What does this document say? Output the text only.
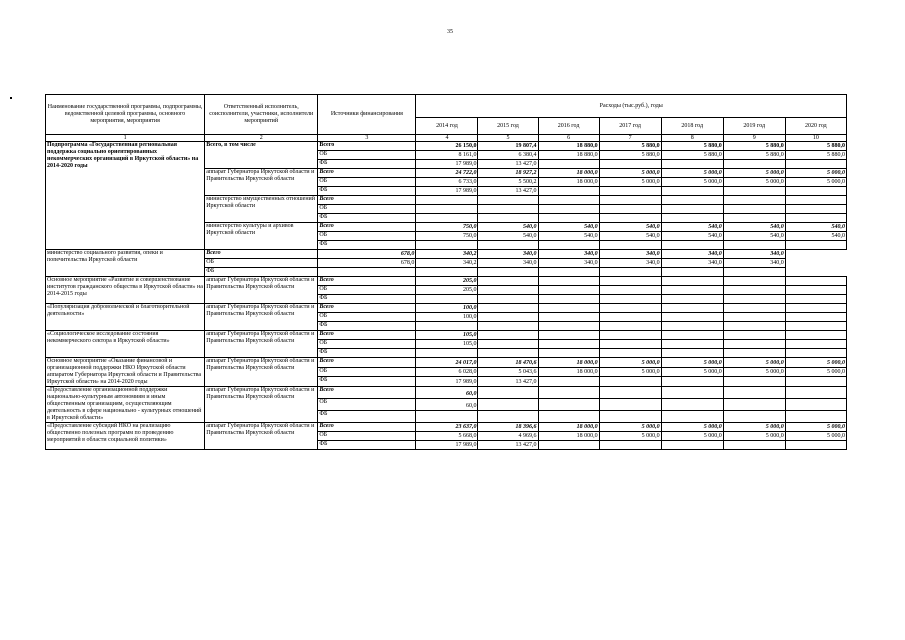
35
Наименование государственной программы, подпрограммы, ведомственной целевой программы, основного мероприятия, мероприятия	Ответственный исполнитель, соисполнители, участники, исполнители мероприятий	Источники финансирования	Расходы (тыс.руб.), годы						
			2014 год	2015 год	2016 год	2017 год	2018 год	2019 год	2020 год
1	2	3	4	5	6	7	8	9	10
Подпрограмма «Государственная региональная поддержка социально ориентированных некоммерческих организаций в Иркутской области» на 2014-2020 годы	Всего, в том числе	Всего	26 150,0	19 807,4	18 880,0	5 880,0	5 880,0	5 880,0	5 880,0
		ОБ	8 161,0	6 380,4	18 880,0	5 880,0	5 880,0	5 880,0	5 880,0
		ФБ	17 989,0	13 427,0					
	аппарат Губернатора Иркутской области и Правительства Иркутской области	Всего	24 722,0	18 927,2	18 000,0	5 000,0	5 000,0	5 000,0	5 000,0
		ОБ	6 733,0	5 500,2	18 000,0	5 000,0	5 000,0	5 000,0	5 000,0
		ФБ	17 989,0	13 427,0					
	министерство имущественных отношений Иркутской области	Всего							
		ОБ							
		ФБ							
	министерство культуры и архивов Иркутской области	Всего	750,0	540,0	540,0	540,0	540,0	540,0	540,0
		ОБ	750,0	540,0	540,0	540,0	540,0	540,0	540,0
		ФБ							
министерство социального развития, опеки и попечительства Иркутской области	Всего	678,0	340,2	340,0	340,0	340,0	340,0	340,0	
	ОБ	678,0	340,2	340,0	340,0	340,0	340,0	340,0	
	ФБ								
Основное мероприятие «Развитие и совершенствование институтов гражданского общества в Иркутской области» на 2014-2015 годы	аппарат Губернатора Иркутской области и Правительства Иркутской области	Всего	205,0						
		ОБ	205,0						
		ФБ							
«Популяризация добровольческой и благотворительной деятельности»	аппарат Губернатора Иркутской области и Правительства Иркутской области	Всего	100,0						
		ОБ	100,0						
		ФБ							
«Социологическое исследование состояния некоммерческого сектора в Иркутской области»	аппарат Губернатора Иркутской области и Правительства Иркутской области	Всего	105,0						
		ОБ	105,0						
		ФБ							
Основное мероприятие «Оказание финансовой и организационной поддержки НКО Иркутской области аппаратом Губернатора Иркутской области и Правительства Иркутской области» на 2014-2020 годы	аппарат Губернатора Иркутской области и Правительства Иркутской области	Всего	24 017,0	18 470,6	18 000,0	5 000,0	5 000,0	5 000,0	5 000,0
		ОБ	6 028,0	5 043,6	18 000,0	5 000,0	5 000,0	5 000,0	5 000,0
		ФБ	17 989,0	13 427,0					
«Предоставление организационной поддержки национально-культурным автономиям и иным общественным организациям, осуществляющим деятельность в сфере национально - культурных отношений в Иркутской области»	аппарат Губернатора Иркутской области и Правительства Иркутской области	Всего	60,0						
		ОБ	60,0						
		ФБ							
«Предоставление субсидий НКО на реализацию общественно полезных программ по проведению мероприятий в области социальной политики»	аппарат Губернатора Иркутской области и Правительства Иркутской области	Всего	23 637,0	18 396,6	18 000,0	5 000,0	5 000,0	5 000,0	5 000,0
		ОБ	5 668,0	4 969,6	18 000,0	5 000,0	5 000,0	5 000,0	5 000,0
		ФБ	17 989,0	13 427,0					
